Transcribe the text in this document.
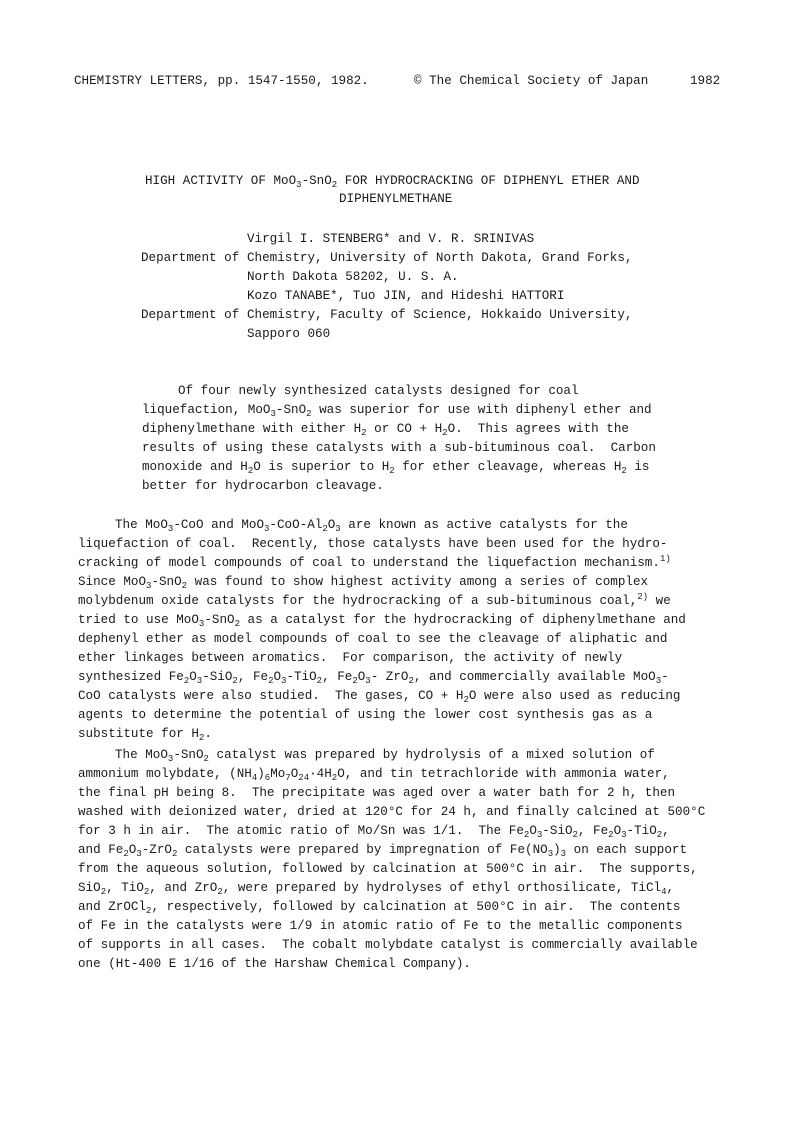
CHEMISTRY LETTERS, pp. 1547-1550, 1982.	© The Chemical Society of Japan	1982
HIGH ACTIVITY OF MoO$_3$-SnO$_2$ FOR HYDROCRACKING OF DIPHENYL ETHER AND
DIPHENYLMETHANE
Virgil I. STENBERG* and V. R. SRINIVAS
Department of Chemistry, University of North Dakota, Grand Forks,
North Dakota 58202, U. S. A.
Kozo TANABE*, Tuo JIN, and Hideshi HATTORI
Department of Chemistry, Faculty of Science, Hokkaido University,
Sapporo 060
Of four newly synthesized catalysts designed for coal
liquefaction, MoO$_3$-SnO$_2$ was superior for use with diphenyl ether and
diphenylmethane with either $H_2$ or CO + $H_2O$.  This agrees with the
results of using these catalysts with a sub-bituminous coal.  Carbon
monoxide and $H_2O$ is superior to $H_2$ for ether cleavage, whereas $H_2$ is
better for hydrocarbon cleavage.
The MoO$_3$-CoO and $MoO_3-CoO-Al_2O_3$ are known as active catalysts for the
liquefaction of coal.  Recently, those catalysts have been used for the hydro-
cracking of model compounds of coal to understand the liquefaction mechanism.$^{1)}$
Since MoO$_3$-SnO$_2$ was found to show highest activity among a series of complex
molybdenum oxide catalysts for the hydrocracking of a sub-bituminous coal,$^{2)}$ we
tried to use MoO$_3$-SnO$_2$ as a catalyst for the hydrocracking of diphenylmethane and
dephenyl ether as model compounds of coal to see the cleavage of aliphatic and
ether linkages between aromatics.  For comparison, the activity of newly
synthesized $Fe_2O_3-SiO_2$, $Fe_2O_3-TiO_2$, $Fe_2O_3-$ ZrO$_2$, and commercially available MoO$_3$-
CoO catalysts were also studied.  The gases, CO + $H_2O$ were also used as reducing
agents to determine the potential of using the lower cost synthesis gas as a
substitute for $H_2$.
The MoO$_3$-SnO$_2$ catalyst was prepared by hydrolysis of a mixed solution of
ammonium molybdate, $(NH_4)_6Mo_7O_{24}\cdot 4H_2O$, and tin tetrachloride with ammonia water,
the final pH being 8.  The precipitate was aged over a water bath for 2 h, then
washed with deionized water, dried at 120°C for 24 h, and finally calcined at 500°C
for 3 h in air.  The atomic ratio of Mo/Sn was 1/1.  The $Fe_2O_3-SiO_2$, $Fe_2O_3-TiO_2$,
and $Fe_2O_3-ZrO_2$ catalysts were prepared by impregnation of $Fe(NO_3)_3$ on each support
from the aqueous solution, followed by calcination at 500°C in air.  The supports,
SiO$_2$, TiO$_2$, and ZrO$_2$, were prepared by hydrolyses of ethyl orthosilicate, TiCl$_4$,
and ZrOCl$_2$, respectively, followed by calcination at 500°C in air.  The contents
of Fe in the catalysts were 1/9 in atomic ratio of Fe to the metallic components
of supports in all cases.  The cobalt molybdate catalyst is commercially available
one (Ht-400 E 1/16 of the Harshaw Chemical Company).
